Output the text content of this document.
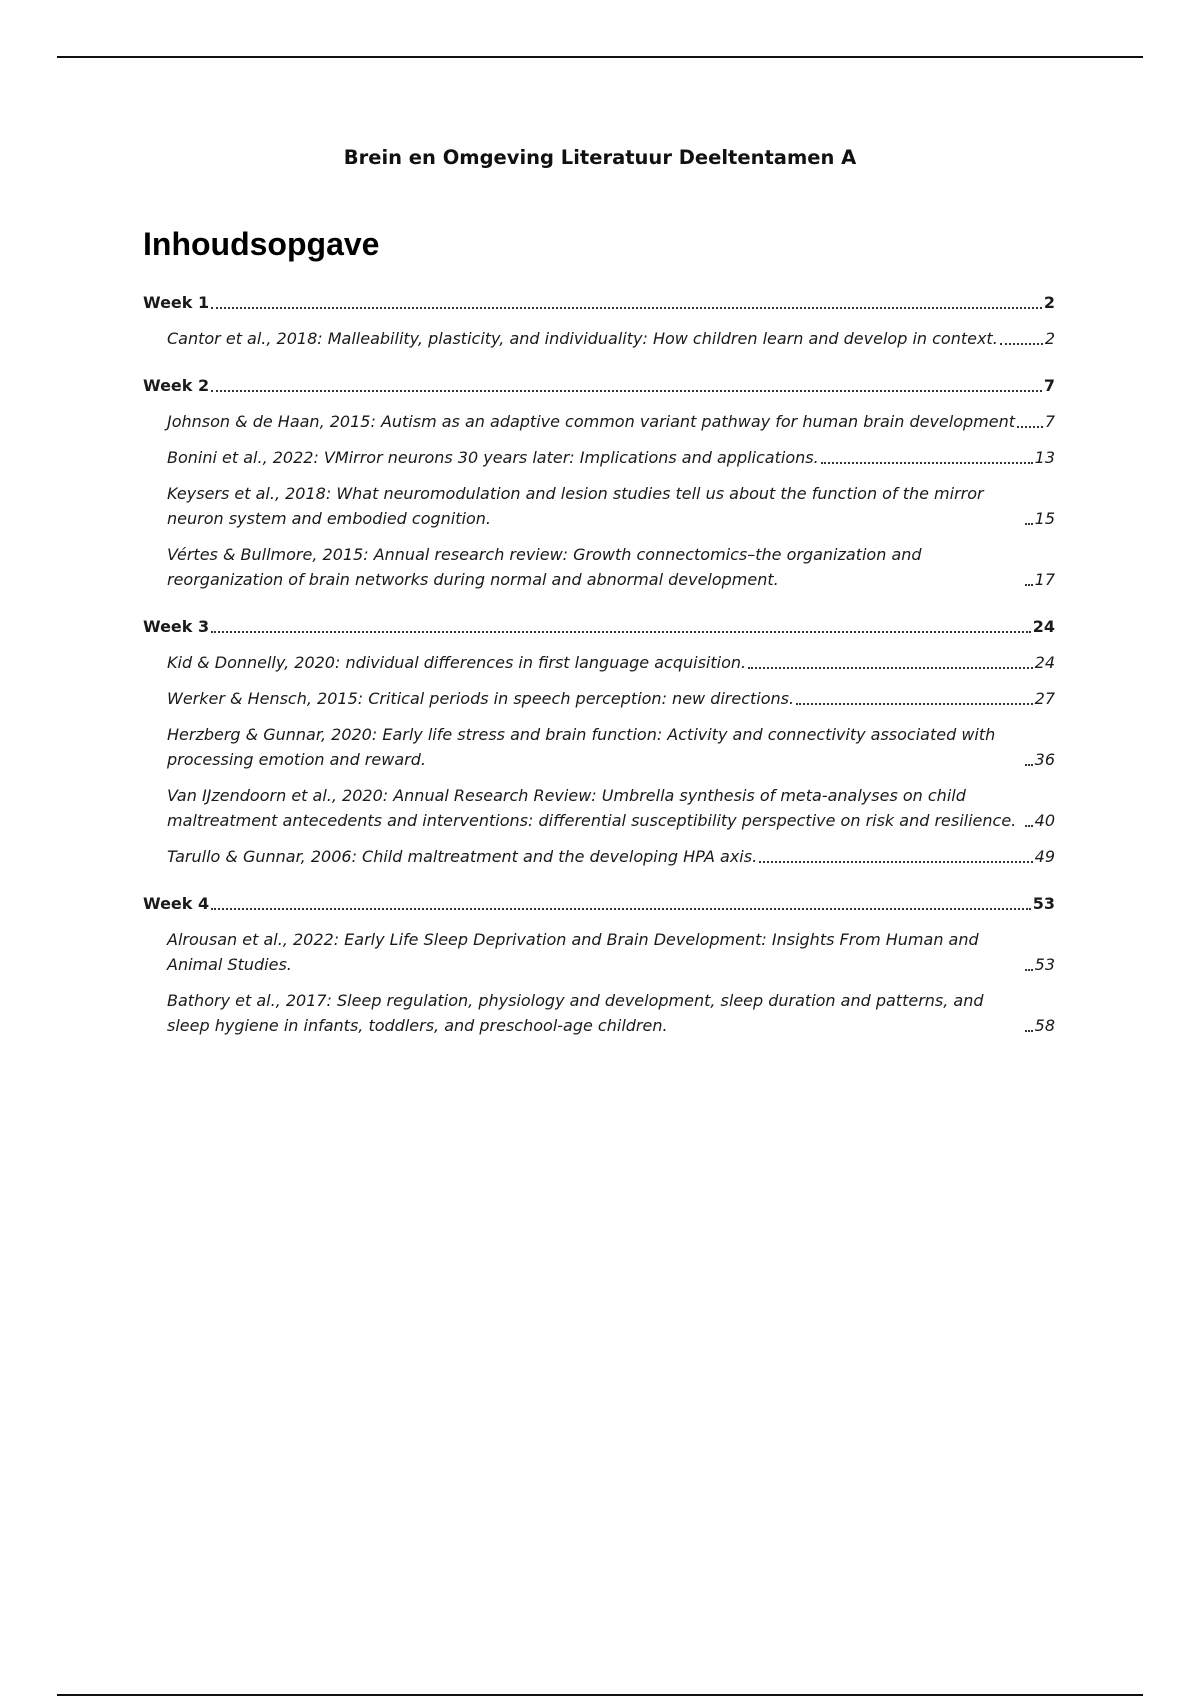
Brein en Omgeving Literatuur Deeltentamen A
Inhoudsopgave
Week 1	2
Cantor et al., 2018: Malleability, plasticity, and individuality: How children learn and develop in context.	2
Week 2	7
Johnson & de Haan, 2015: Autism as an adaptive common variant pathway for human brain development 7
Bonini et al., 2022: VMirror neurons 30 years later: Implications and applications.	13
Keysers et al., 2018: What neuromodulation and lesion studies tell us about the function of the mirror neuron system and embodied cognition.	15
Vértes & Bullmore, 2015: Annual research review: Growth connectomics–the organization and reorganization of brain networks during normal and abnormal development.	17
Week 3	24
Kid & Donnelly, 2020: ndividual differences in first language acquisition.	24
Werker & Hensch, 2015: Critical periods in speech perception: new directions.	27
Herzberg & Gunnar, 2020: Early life stress and brain function: Activity and connectivity associated with processing emotion and reward.	36
Van IJzendoorn et al., 2020: Annual Research Review: Umbrella synthesis of meta-analyses on child maltreatment antecedents and interventions: differential susceptibility perspective on risk and resilience.	40
Tarullo & Gunnar, 2006: Child maltreatment and the developing HPA axis.	49
Week 4	53
Alrousan et al., 2022: Early Life Sleep Deprivation and Brain Development: Insights From Human and Animal Studies.	53
Bathory et al., 2017: Sleep regulation, physiology and development, sleep duration and patterns, and sleep hygiene in infants, toddlers, and preschool-age children.	58
